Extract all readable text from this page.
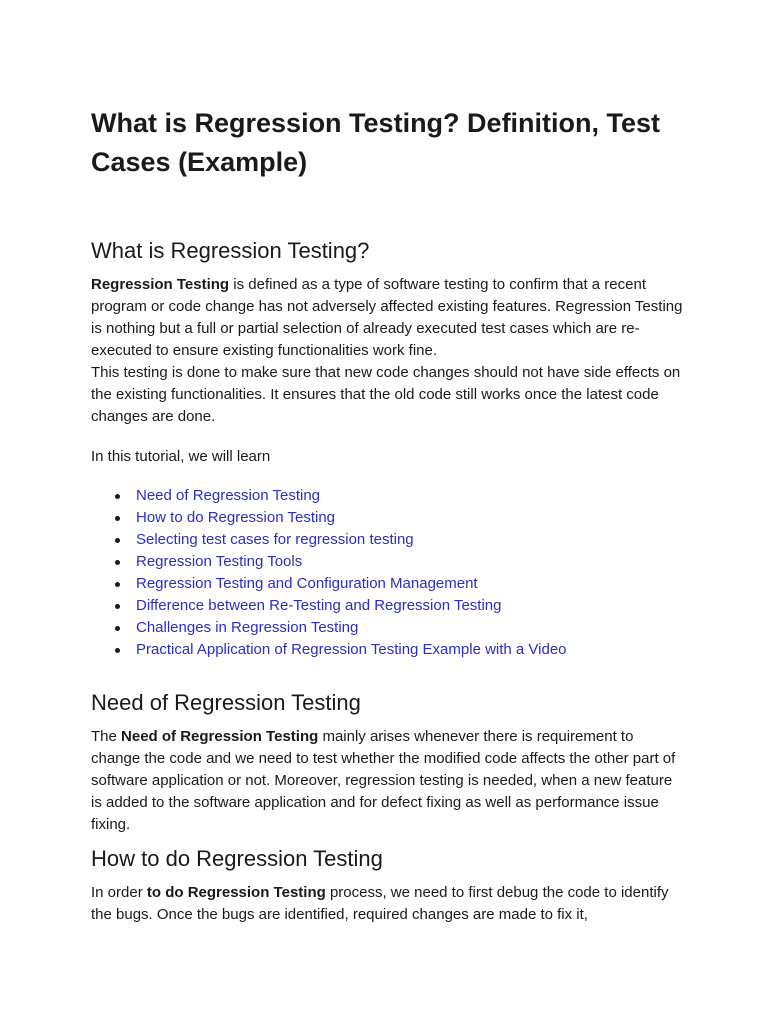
What is Regression Testing? Definition, Test Cases (Example)
What is Regression Testing?

Regression Testing is defined as a type of software testing to confirm that a recent program or code change has not adversely affected existing features. Regression Testing is nothing but a full or partial selection of already executed test cases which are re-executed to ensure existing functionalities work fine.
This testing is done to make sure that new code changes should not have side effects on the existing functionalities. It ensures that the old code still works once the latest code changes are done.

In this tutorial, we will learn

Need of Regression Testing
How to do Regression Testing
Selecting test cases for regression testing
Regression Testing Tools
Regression Testing and Configuration Management
Difference between Re-Testing and Regression Testing
Challenges in Regression Testing
Practical Application of Regression Testing Example with a Video
Need of Regression Testing

The Need of Regression Testing mainly arises whenever there is requirement to change the code and we need to test whether the modified code affects the other part of software application or not. Moreover, regression testing is needed, when a new feature is added to the software application and for defect fixing as well as performance issue fixing.

How to do Regression Testing

In order to do Regression Testing process, we need to first debug the code to identify the bugs. Once the bugs are identified, required changes are made to fix it,
